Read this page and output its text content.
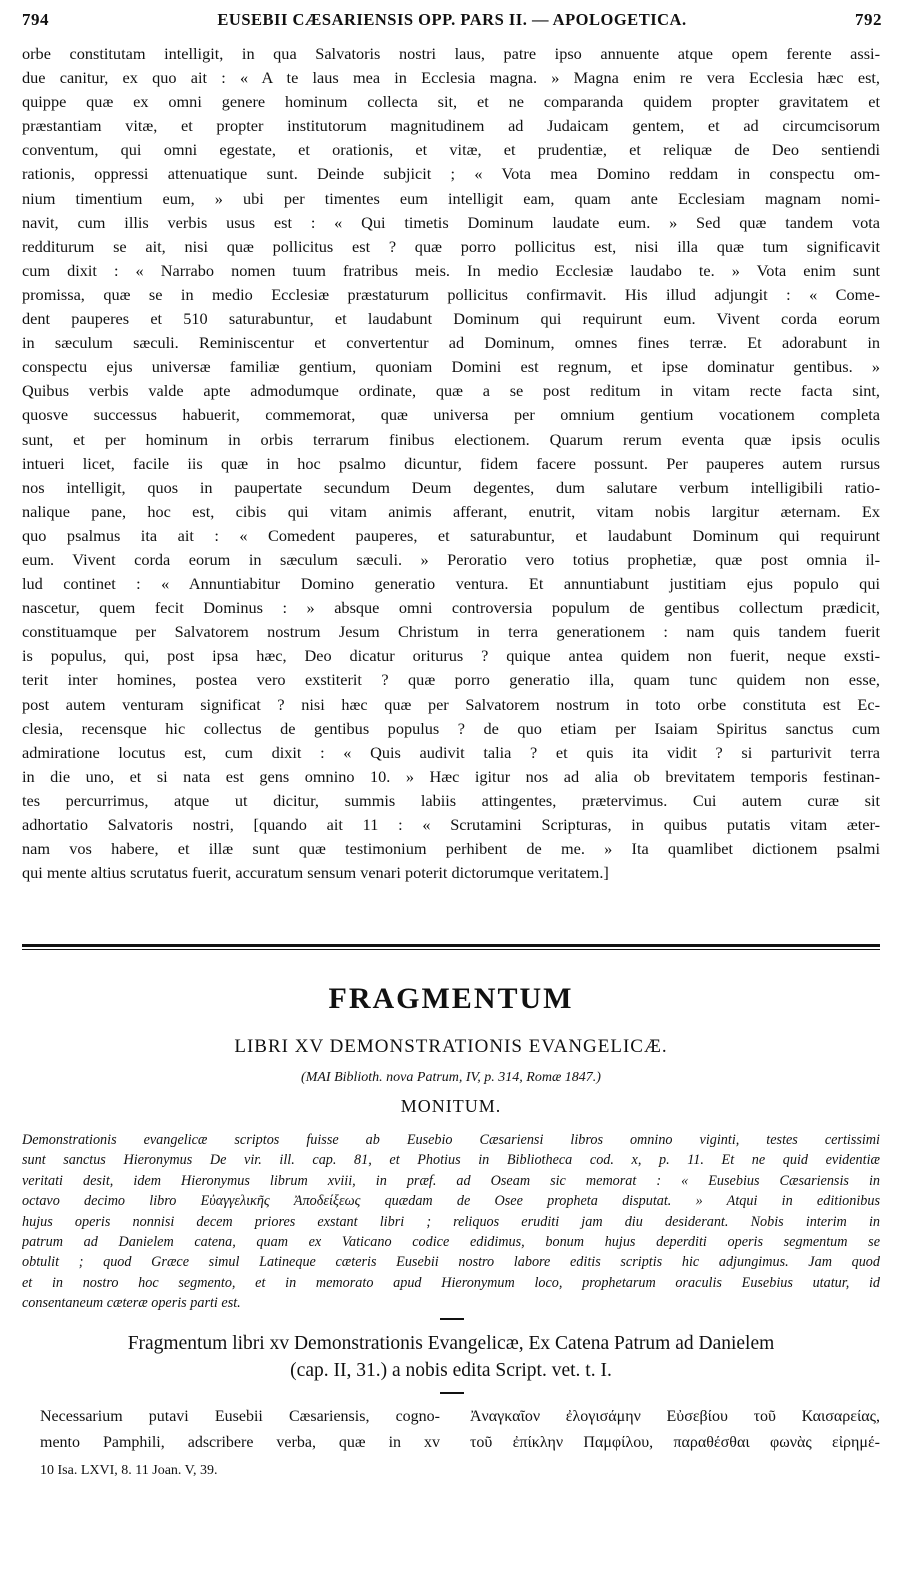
794	EUSEBII CÆSARIENSIS OPP. PARS II. — APOLOGETICA.	792
orbe constitutam intelligit, in qua Salvatoris nostri laus, patre ipso annuente atque opem ferente assi-
due canitur, ex quo ait : « A te laus mea in Ecclesia magna. » Magna enim re vera Ecclesia hæc est,
quippe quæ ex omni genere hominum collecta sit, et ne comparanda quidem propter gravitatem et
præstantiam vitæ, et propter institutorum magnitudinem ad Judaicam gentem, et ad circumcisorum
conventum, qui omni egestate, et orationis, et vitæ, et prudentiæ, et reliquæ de Deo sentiendi
rationis, oppressi attenuatique sunt. Deinde subjicit ; « Vota mea Domino reddam in conspectu om-
nium timentium eum, » ubi per timentes eum intelligit eam, quam ante Ecclesiam magnam nomi-
navit, cum illis verbis usus est : « Qui timetis Dominum laudate eum. » Sed quæ tandem vota
redditurum se ait, nisi quæ pollicitus est ? quæ porro pollicitus est, nisi illa quæ tum significavit
cum dixit : « Narrabo nomen tuum fratribus meis. In medio Ecclesiæ laudabo te. » Vota enim sunt
promissa, quæ se in medio Ecclesiæ præstaturum pollicitus confirmavit. His illud adjungit : « Come-
dent pauperes et 510 saturabuntur, et laudabunt Dominum qui requirunt eum. Vivent corda eorum
in sæculum sæculi. Reminiscentur et convertentur ad Dominum, omnes fines terræ. Et adorabunt in
conspectu ejus universæ familiæ gentium, quoniam Domini est regnum, et ipse dominatur gentibus. »
Quibus verbis valde apte admodumque ordinate, quæ a se post reditum in vitam recte facta sint,
quosve successus habuerit, commemorat, quæ universa per omnium gentium vocationem completa
sunt, et per hominum in orbis terrarum finibus electionem. Quarum rerum eventa quæ ipsis oculis
intueri licet, facile iis quæ in hoc psalmo dicuntur, fidem facere possunt. Per pauperes autem rursus
nos intelligit, quos in paupertate secundum Deum degentes, dum salutare verbum intelligibili ratio-
nalique pane, hoc est, cibis qui vitam animis afferant, enutrit, vitam nobis largitur æternam. Ex
quo psalmus ita ait : « Comedent pauperes, et saturabuntur, et laudabunt Dominum qui requirunt
eum. Vivent corda eorum in sæculum sæculi. » Peroratio vero totius prophetiæ, quæ post omnia il-
lud continet : « Annuntiabitur Domino generatio ventura. Et annuntiabunt justitiam ejus populo qui
nascetur, quem fecit Dominus : » absque omni controversia populum de gentibus collectum prædicit,
constituamque per Salvatorem nostrum Jesum Christum in terra generationem : nam quis tandem fuerit
is populus, qui, post ipsa hæc, Deo dicatur oriturus ? quique antea quidem non fuerit, neque exsti-
terit inter homines, postea vero exstiterit ? quæ porro generatio illa, quam tunc quidem non esse,
post autem venturam significat ? nisi hæc quæ per Salvatorem nostrum in toto orbe constituta est Ec-
clesia, recensque hic collectus de gentibus populus ? de quo etiam per Isaiam Spiritus sanctus cum
admiratione locutus est, cum dixit : « Quis audivit talia ? et quis ita vidit ? si parturivit terra
in die uno, et si nata est gens omnino 10. » Hæc igitur nos ad alia ob brevitatem temporis festinan-
tes percurrimus, atque ut dicitur, summis labiis attingentes, prætervimus. Cui autem curæ sit
adhortatio Salvatoris nostri, [quando ait 11 : « Scrutamini Scripturas, in quibus putatis vitam æter-
nam vos habere, et illæ sunt quæ testimonium perhibent de me. » Ita quamlibet dictionem psalmi
qui mente altius scrutatus fuerit, accuratum sensum venari poterit dictorumque veritatem.]
FRAGMENTUM
LIBRI XV DEMONSTRATIONIS EVANGELICÆ.
(MAI Biblioth. nova Patrum, IV, p. 314, Romæ 1847.)
MONITUM.
Demonstrationis evangelicæ scriptos fuisse ab Eusebio Cæsariensi libros omnino viginti, testes certissimi
sunt sanctus Hieronymus De vir. ill. cap. 81, et Photius in Bibliotheca cod. x, p. 11. Et ne quid evidentiæ
veritati desit, idem Hieronymus librum xviii, in præf. ad Oseam sic memorat : « Eusebius Cæsariensis in
octavo decimo libro Εὐαγγελικῆς Ἀποδείξεως quædam de Osee propheta disputat. » Atqui in editionibus
hujus operis nonnisi decem priores exstant libri ; reliquos eruditi jam diu desiderant. Nobis interim in
patrum ad Danielem catena, quam ex Vaticano codice edidimus, bonum hujus deperditi operis segmentum se
obtulit ; quod Græce simul Latineque cæteris Eusebii nostro labore editis scriptis hic adjungimus. Jam quod
et in nostro hoc segmento, et in memorato apud Hieronymum loco, prophetarum oraculis Eusebius utatur, id
consentaneum cæteræ operis parti est.
Fragmentum libri xv Demonstrationis Evangelicæ, Ex Catena Patrum ad Danielem
(cap. II, 31.) a nobis edita Script. vet. t. I.
Necessarium putavi Eusebii Cæsariensis, cogno-
mento Pamphili, adscribere verba, quæ in xv
Ἀναγκαῖον ἐλογισάμην Εὐσεβίου τοῦ Καισαρείας,
τοῦ ἐπίκλην Παμφίλου, παραθέσθαι φωνὰς εἰρημέ-
10 Isa. LXVI, 8. 11 Joan. V, 39.
